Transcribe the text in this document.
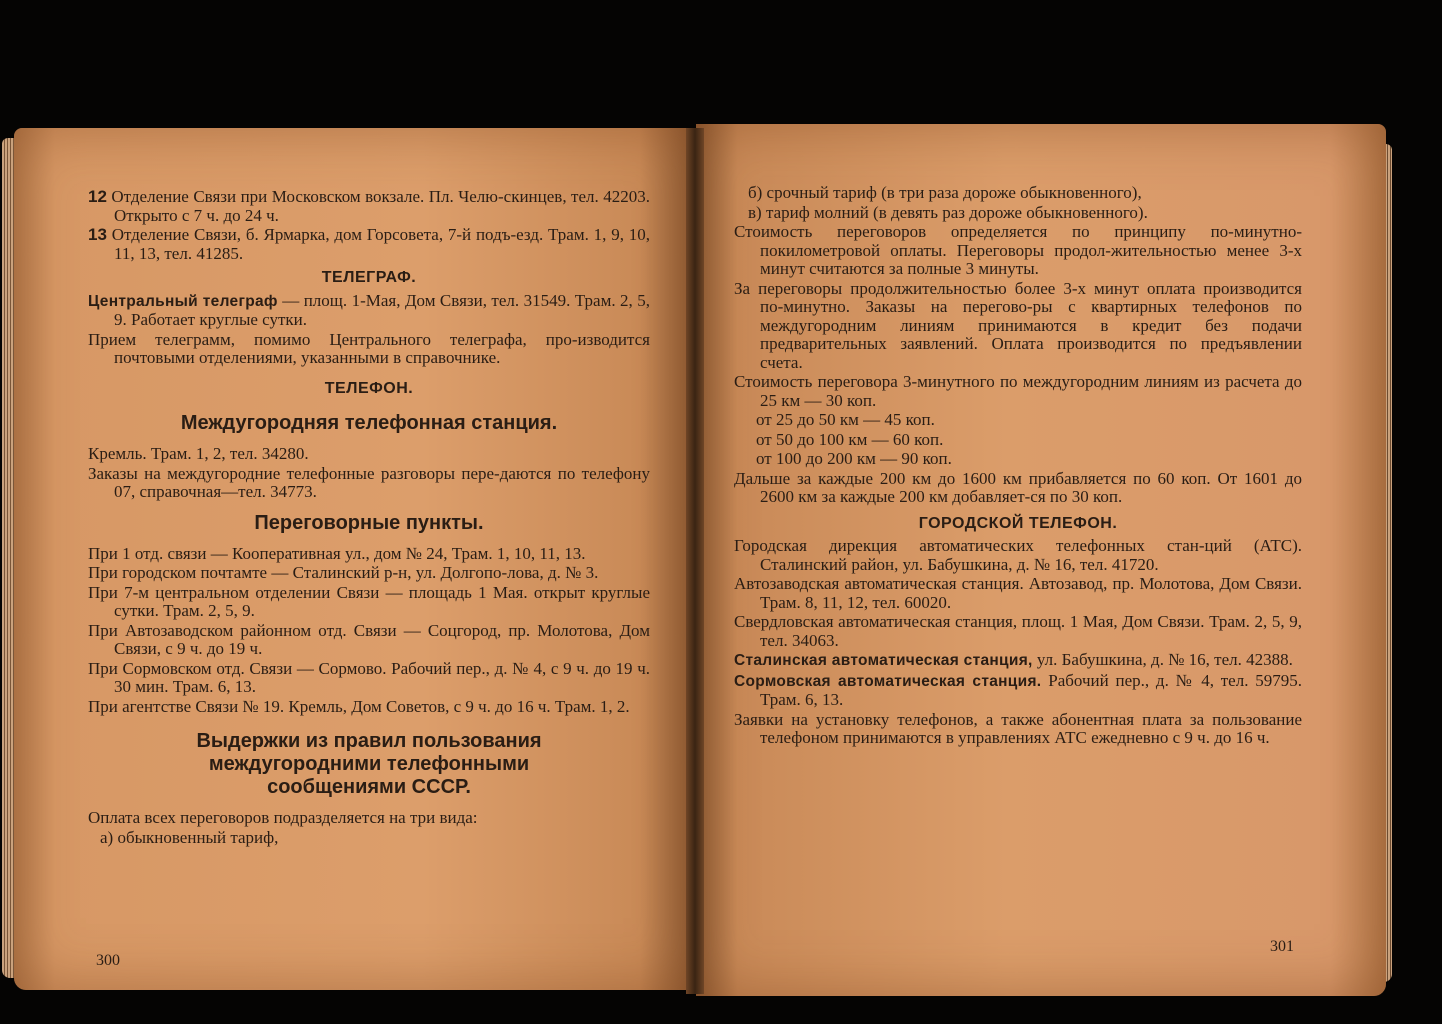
12 Отделение Связи при Московском вокзале. Пл. Челю-скинцев, тел. 42203. Открыто с 7 ч. до 24 ч.

13 Отделение Связи, б. Ярмарка, дом Горсовета, 7-й подъ-езд. Трам. 1, 9, 10, 11, 13, тел. 41285.

ТЕЛЕГРАФ.

Центральный телеграф — площ. 1-Мая, Дом Связи, тел. 31549. Трам. 2, 5, 9. Работает круглые сутки.

Прием телеграмм, помимо Центрального телеграфа, про-изводится почтовыми отделениями, указанными в справочнике.

ТЕЛЕФОН.
Междугородняя телефонная станция.

Кремль. Трам. 1, 2, тел. 34280.

Заказы на междугородние телефонные разговоры пере-даются по телефону 07, справочная—тел. 34773.

Переговорные пункты.

При 1 отд. связи — Кооперативная ул., дом № 24, Трам. 1, 10, 11, 13.

При городском почтамте — Сталинский р-н, ул. Долгопо-лова, д. № 3.

При 7-м центральном отделении Связи — площадь 1 Мая. открыт круглые сутки. Трам. 2, 5, 9.

При Автозаводском районном отд. Связи — Соцгород, пр. Молотова, Дом Связи, с 9 ч. до 19 ч.

При Сормовском отд. Связи — Сормово. Рабочий пер., д. № 4, с 9 ч. до 19 ч. 30 мин. Трам. 6, 13.

При агентстве Связи № 19. Кремль, Дом Советов, с 9 ч. до 16 ч. Трам. 1, 2.

Выдержки из правил пользования междугородними телефонными сообщениями СССР.

Оплата всех переговоров подразделяется на три вида:

а) обыкновенный тариф,

300

б) срочный тариф (в три раза дороже обыкновенного),

в) тариф молний (в девять раз дороже обыкновенного).

Стоимость переговоров определяется по принципу по-минутно-покилометровой оплаты. Переговоры продол-жительностью менее 3-х минут считаются за полные 3 минуты.

За переговоры продолжительностью более 3-х минут оплата производится по-минутно. Заказы на перегово-ры с квартирных телефонов по междугородним линиям принимаются в кредит без подачи предварительных заявлений. Оплата производится по предъявлении счета.

Стоимость переговора 3-минутного по междугородним линиям из расчета до 25 км — 30 коп.

от 25 до 50 км — 45 коп.

от 50 до 100 км — 60 коп.

от 100 до 200 км — 90 коп.

Дальше за каждые 200 км до 1600 км прибавляется по 60 коп. От 1601 до 2600 км за каждые 200 км добавляет-ся по 30 коп.

ГОРОДСКОЙ ТЕЛЕФОН.

Городская дирекция автоматических телефонных стан-ций (АТС). Сталинский район, ул. Бабушкина, д. № 16, тел. 41720.

Автозаводская автоматическая станция. Автозавод, пр. Молотова, Дом Связи. Трам. 8, 11, 12, тел. 60020.

Свердловская автоматическая станция, площ. 1 Мая, Дом Связи. Трам. 2, 5, 9, тел. 34063.

Сталинская автоматическая станция, ул. Бабушкина, д. № 16, тел. 42388.

Сормовская автоматическая станция. Рабочий пер., д. № 4, тел. 59795. Трам. 6, 13.

Заявки на установку телефонов, а также абонентная плата за пользование телефоном принимаются в управлениях АТС ежедневно с 9 ч. до 16 ч.

301
